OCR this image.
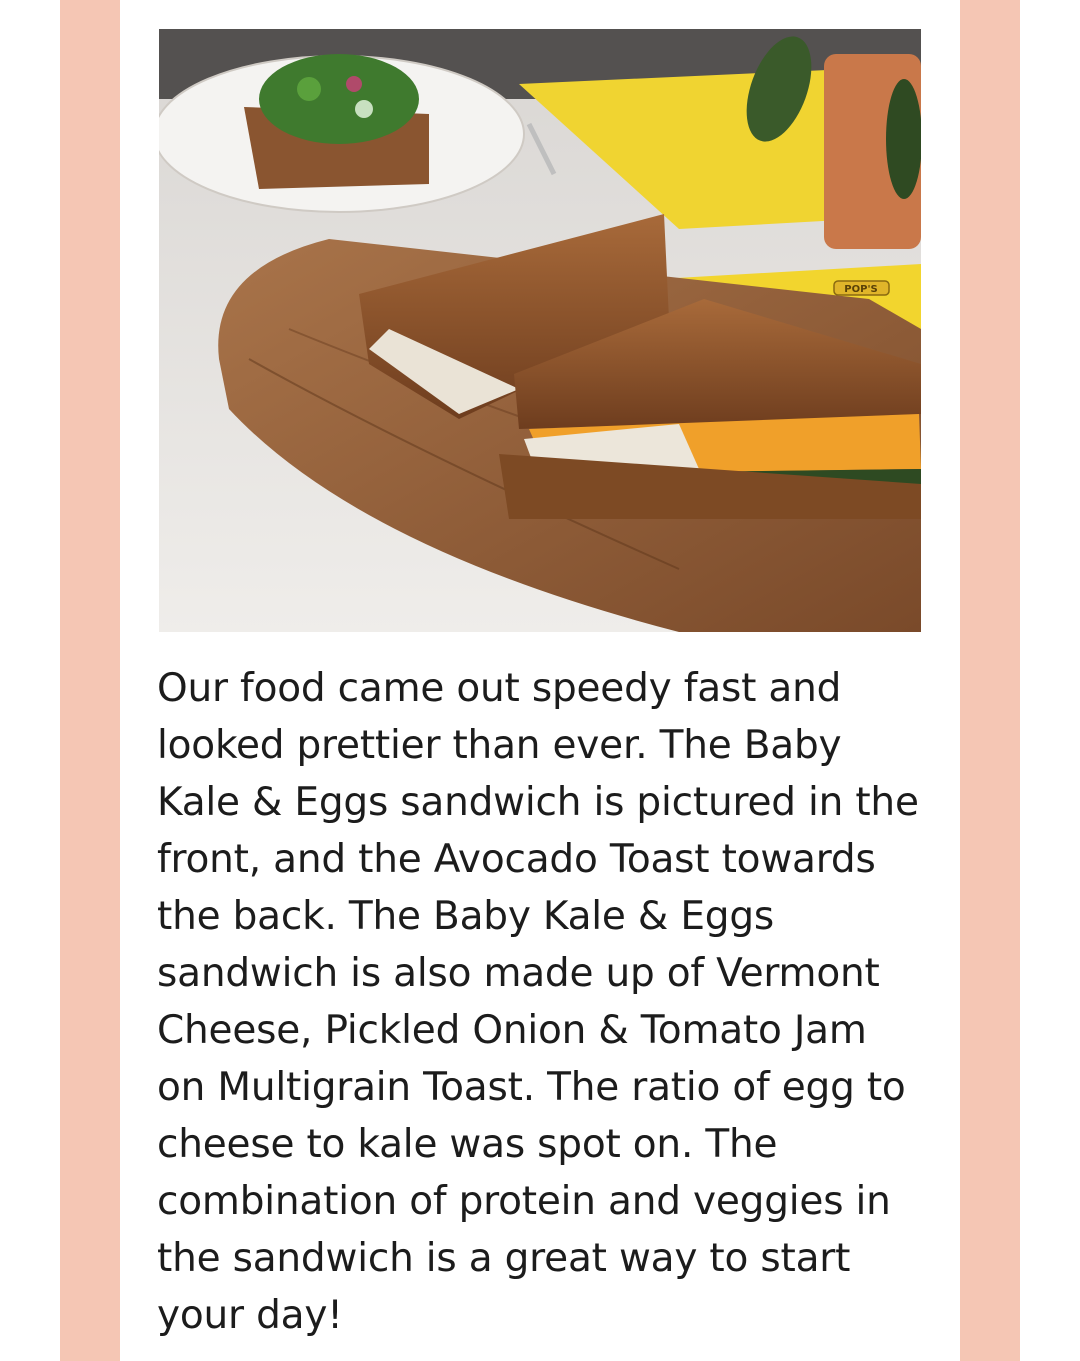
POP'S

Our food came out speedy fast and looked prettier than ever. The Baby Kale & Eggs sandwich is pictured in the front, and the Avocado Toast towards the back. The Baby Kale & Eggs sandwich is also made up of Vermont Cheese, Pickled Onion & Tomato Jam on Multigrain Toast. The ratio of egg to cheese to kale was spot on. The combination of protein and veggies in the sandwich is a great way to start your day!
